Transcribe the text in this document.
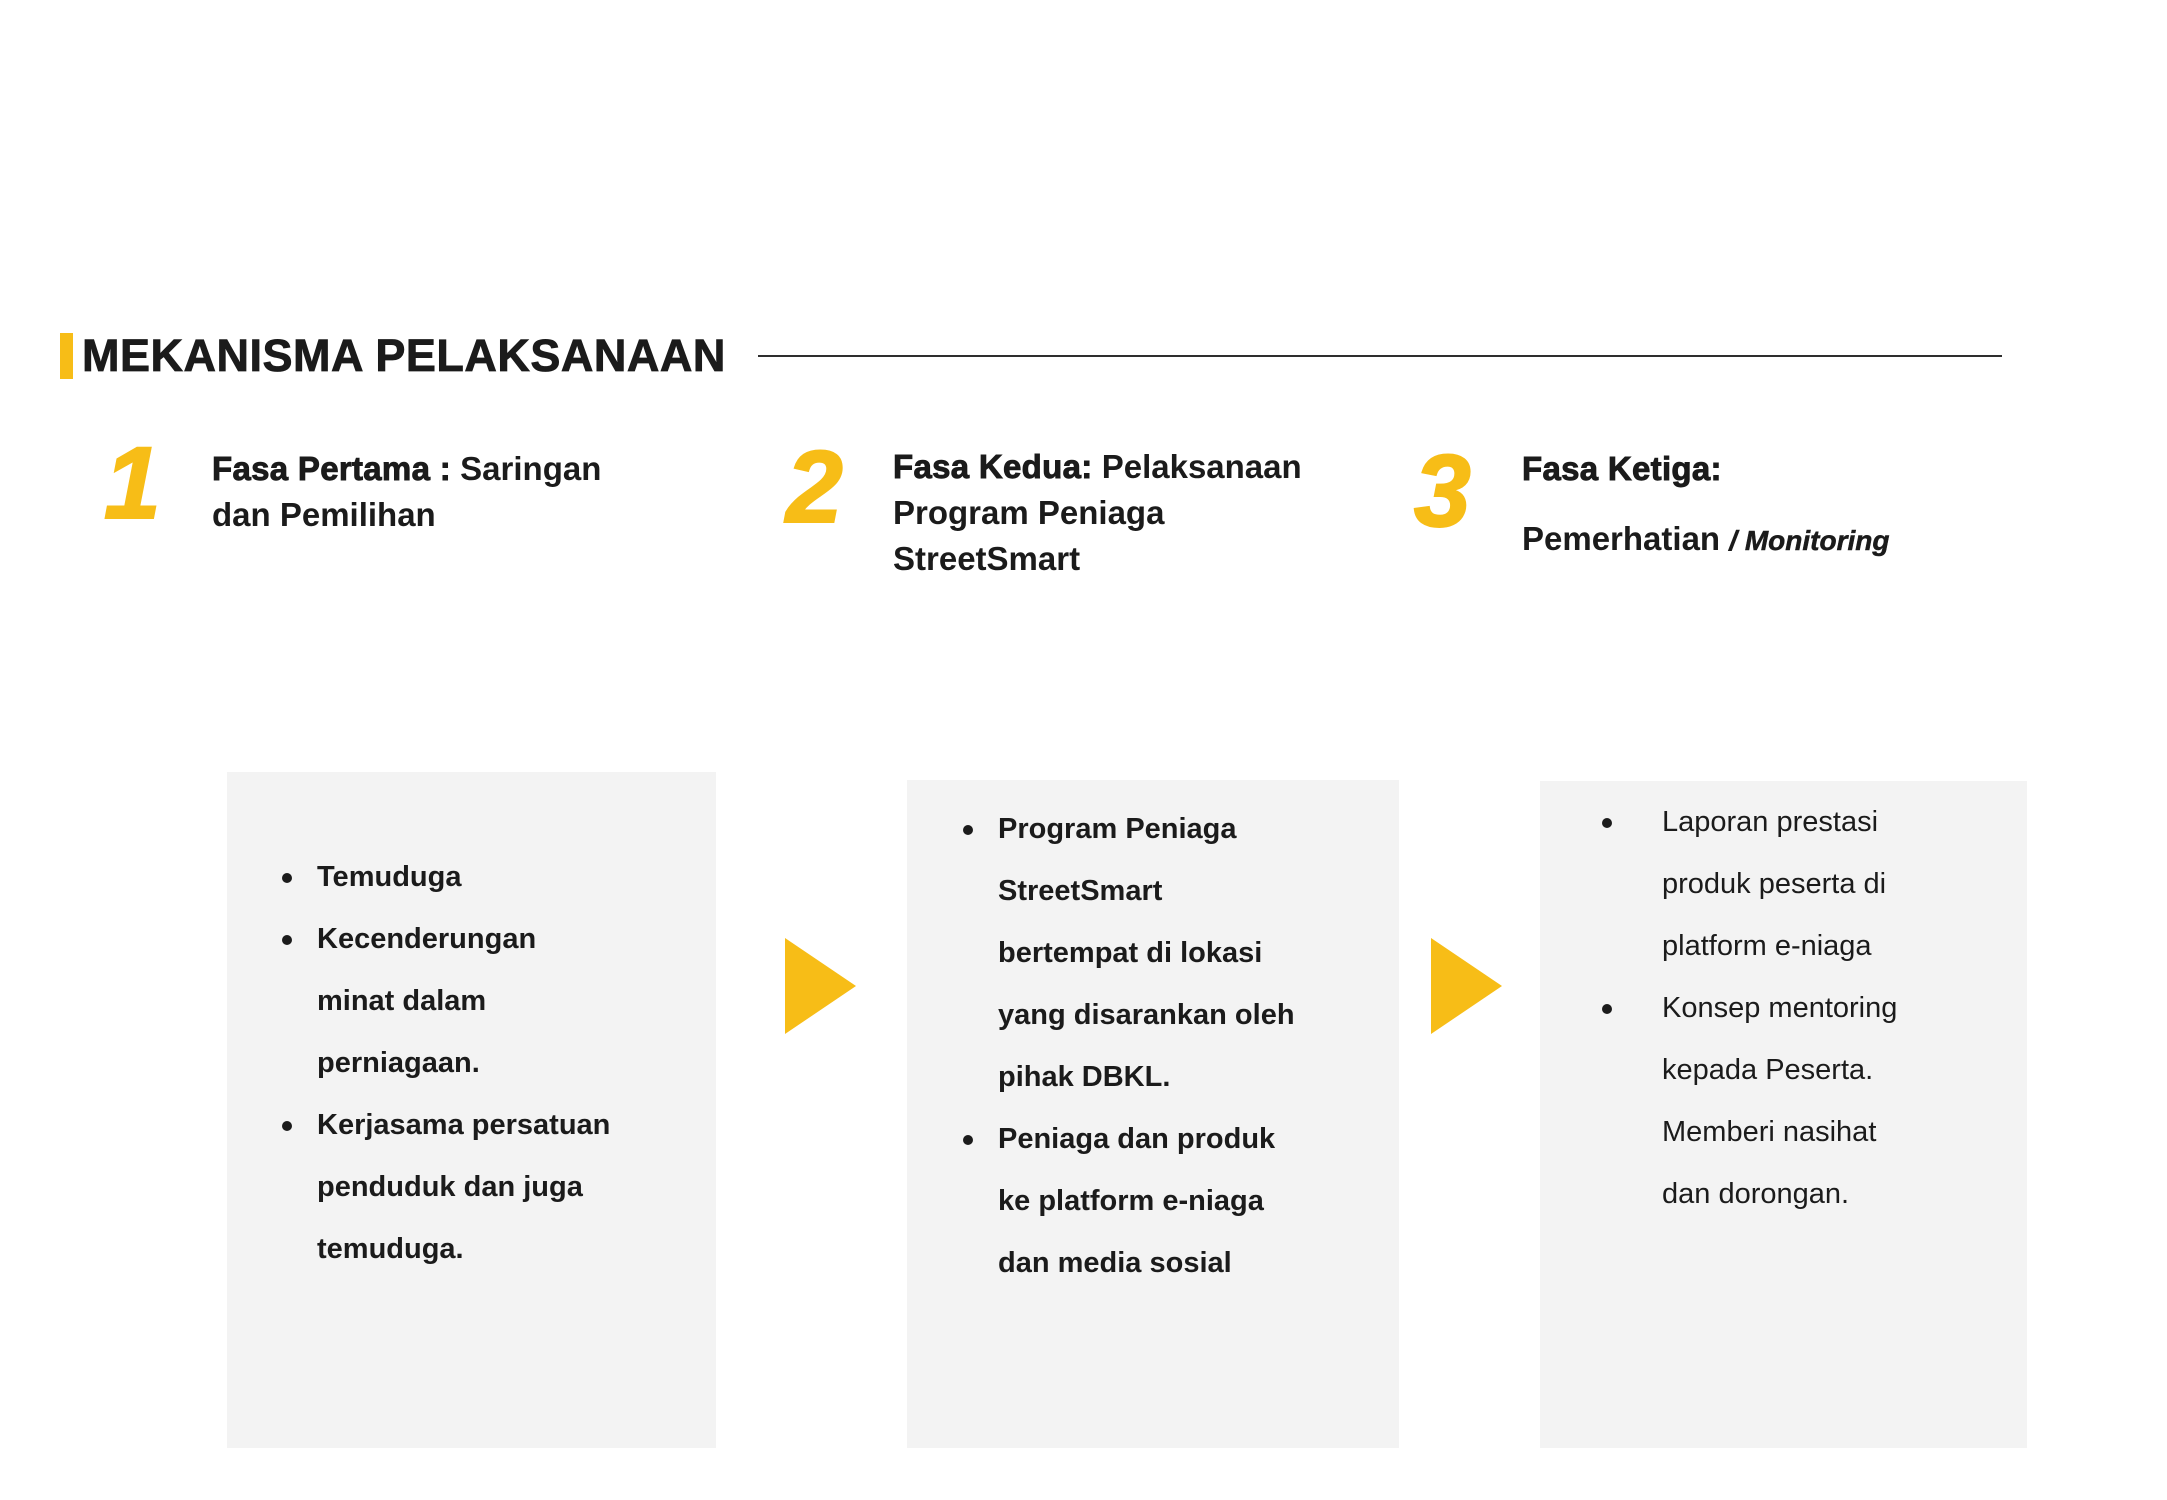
MEKANISMA PELAKSANAAN
1	2	3
Fasa Pertama : Saringan dan Pemilihan
Fasa Kedua: Pelaksanaan Program Peniaga StreetSmart
Fasa Ketiga:
Pemerhatian / Monitoring
Temuduga
Kecenderungan minat dalam perniagaan.
Kerjasama persatuan penduduk dan juga temuduga.
Program Peniaga StreetSmart bertempat di lokasi yang disarankan oleh pihak DBKL.
Peniaga dan produk ke platform e-niaga dan media sosial
Laporan prestasi produk peserta di platform e-niaga
Konsep mentoring kepada Peserta. Memberi nasihat dan dorongan.
